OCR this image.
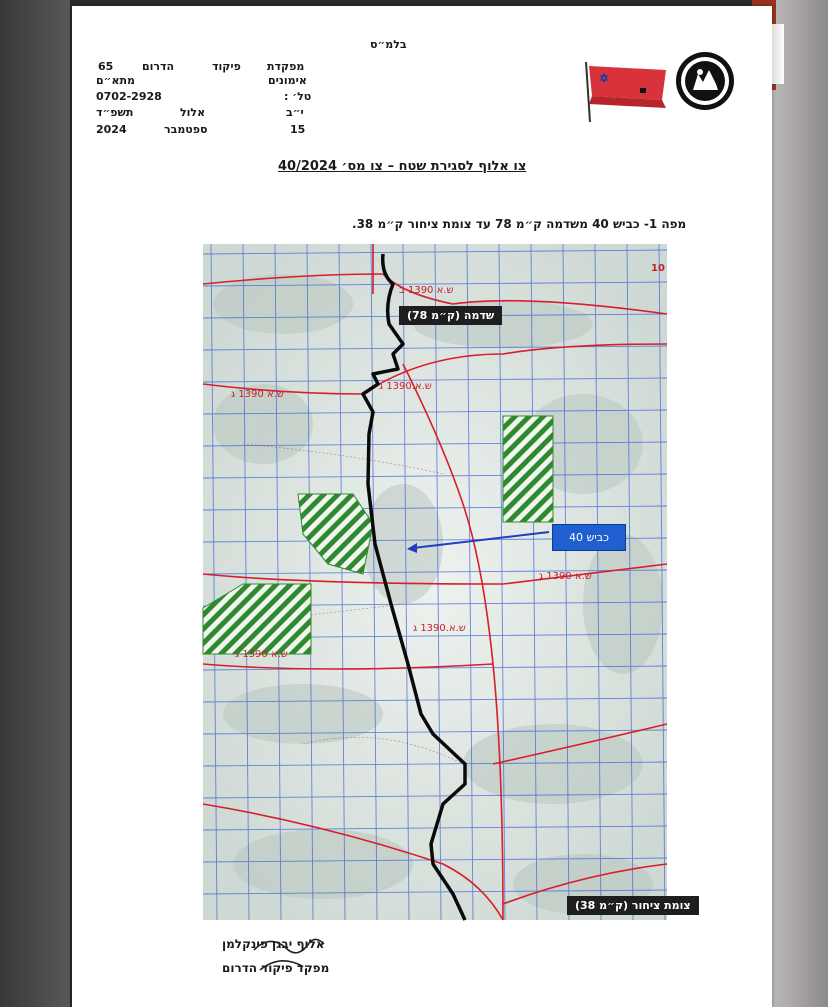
בלמ״ס
מפקדת
אימונים
טל׳ :
י״ב
15
פיקוד
אלול
ספטמבר
הדרום
65
מתא״ם
0702-2928
תשפ״ד
2024
צו אלוף לסגירת שטח – צו מס׳ 40/2024
מפה 1- כביש 40 משדמה ק״מ 78 עד צומת ציחור ק״מ 38.
ש.א 1390 ב
שדמה (ק״מ 78)
ש.א.1390 ג
ש.א 1390 ג
כביש 40
ש.א 1390 ג
ש.א.1390 ג
ש.א 1390 ג
צומת ציחור (ק״מ 38)
10
אלוף יבגן פינקלמן
מפקד פיקוד הדרום
